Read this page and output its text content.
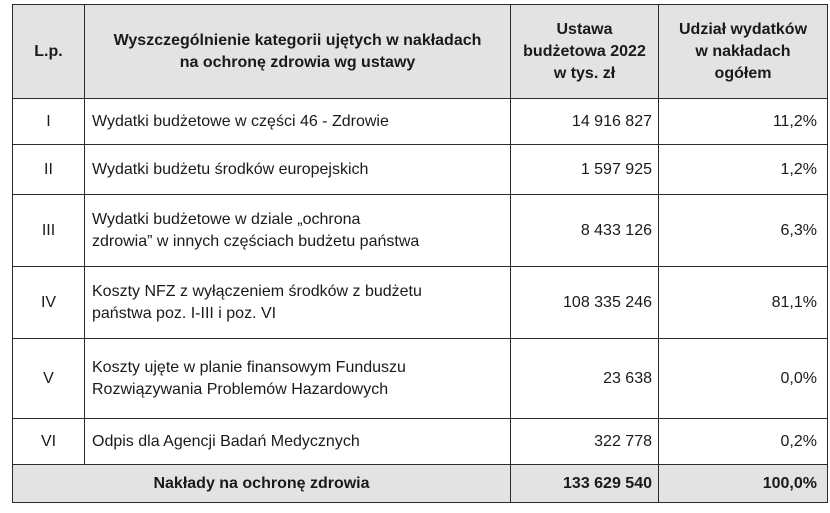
L.p.	Wyszczególnienie kategorii ujętych w nakładach na ochronę zdrowia wg ustawy	Ustawa budżetowa 2022 w tys. zł	Udział wydatków w nakładach ogółem
I	Wydatki budżetowe w części 46 - Zdrowie	14 916 827	11,2%
II	Wydatki budżetu środków europejskich	1 597 925	1,2%
III	Wydatki budżetowe w dziale „ochrona zdrowia” w innych częściach budżetu państwa	8 433 126	6,3%
IV	Koszty NFZ z wyłączeniem środków z budżetu państwa poz. I-III i poz. VI	108 335 246	81,1%
V	Koszty ujęte w planie finansowym Funduszu Rozwiązywania Problemów Hazardowych	23 638	0,0%
VI	Odpis dla Agencji Badań Medycznych	322 778	0,2%
Nakłady na ochronę zdrowia		133 629 540	100,0%
